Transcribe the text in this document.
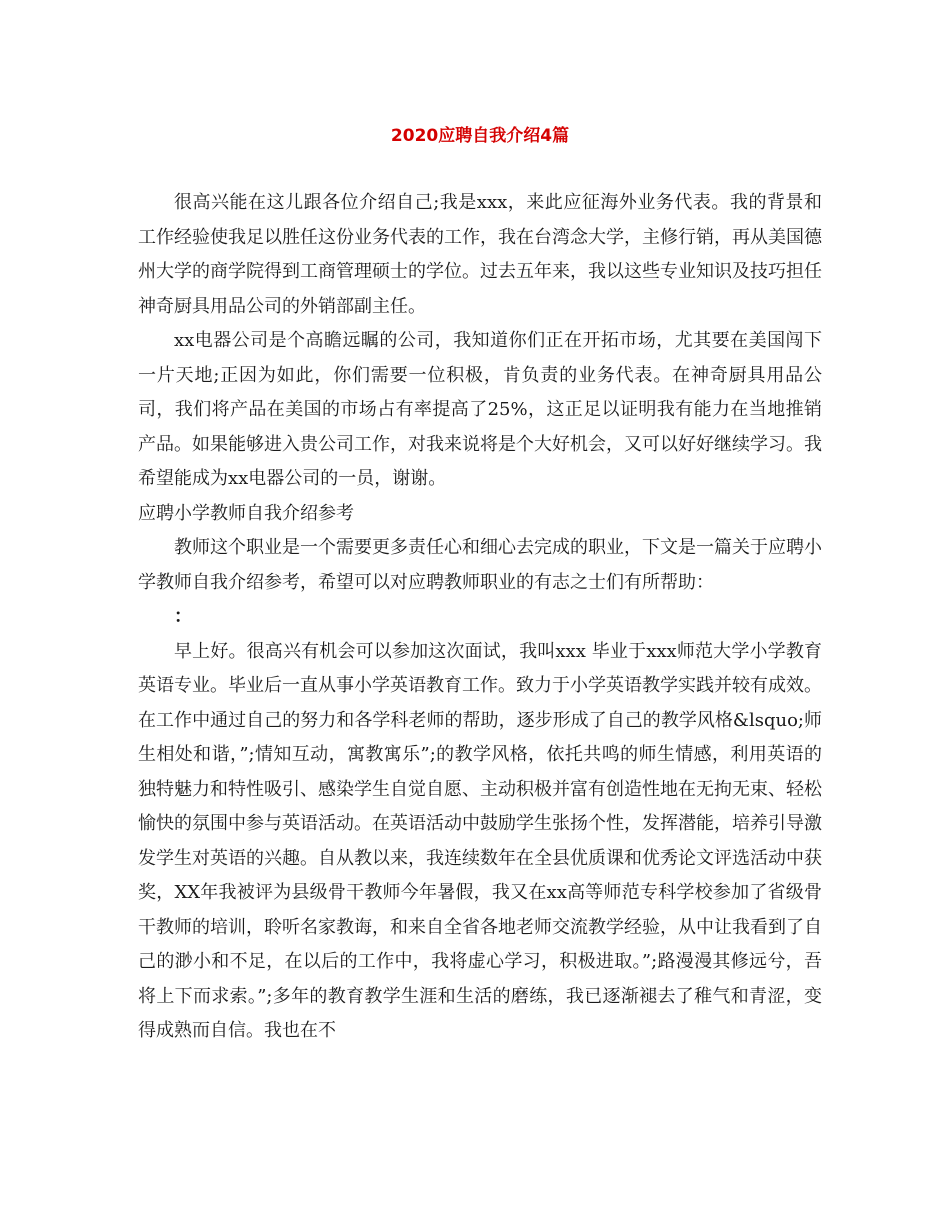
2020应聘自我介绍4篇

很高兴能在这儿跟各位介绍自己;我是xxx，来此应征海外业务代表。我的背景和工作经验使我足以胜任这份业务代表的工作，我在台湾念大学，主修行销，再从美国德州大学的商学院得到工商管理硕士的学位。过去五年来，我以这些专业知识及技巧担任神奇厨具用品公司的外销部副主任。

xx电器公司是个高瞻远瞩的公司，我知道你们正在开拓市场，尤其要在美国闯下一片天地;正因为如此，你们需要一位积极，肯负责的业务代表。在神奇厨具用品公司，我们将产品在美国的市场占有率提高了25%，这正足以证明我有能力在当地推销产品。如果能够进入贵公司工作，对我来说将是个大好机会，又可以好好继续学习。我希望能成为xx电器公司的一员，谢谢。

应聘小学教师自我介绍参考

教师这个职业是一个需要更多责任心和细心去完成的职业，下文是一篇关于应聘小学教师自我介绍参考，希望可以对应聘教师职业的有志之士们有所帮助：

：

早上好。很高兴有机会可以参加这次面试，我叫xxx 毕业于xxx师范大学小学教育英语专业。毕业后一直从事小学英语教育工作。致力于小学英语教学实践并较有成效。在工作中通过自己的努力和各学科老师的帮助，逐步形成了自己的教学风格&lsquo;师生相处和谐，”;情知互动，寓教寓乐”;的教学风格，依托共鸣的师生情感，利用英语的独特魅力和特性吸引、感染学生自觉自愿、主动积极并富有创造性地在无拘无束、轻松愉快的氛围中参与英语活动。在英语活动中鼓励学生张扬个性，发挥潜能，培养引导激发学生对英语的兴趣。自从教以来，我连续数年在全县优质课和优秀论文评选活动中获奖，XX年我被评为县级骨干教师今年暑假，我又在xx高等师范专科学校参加了省级骨干教师的培训，聆听名家教诲，和来自全省各地老师交流教学经验，从中让我看到了自己的渺小和不足，在以后的工作中，我将虚心学习，积极进取。”;路漫漫其修远兮，吾将上下而求索。”;多年的教育教学生涯和生活的磨练，我已逐渐褪去了稚气和青涩，变得成熟而自信。我也在不
